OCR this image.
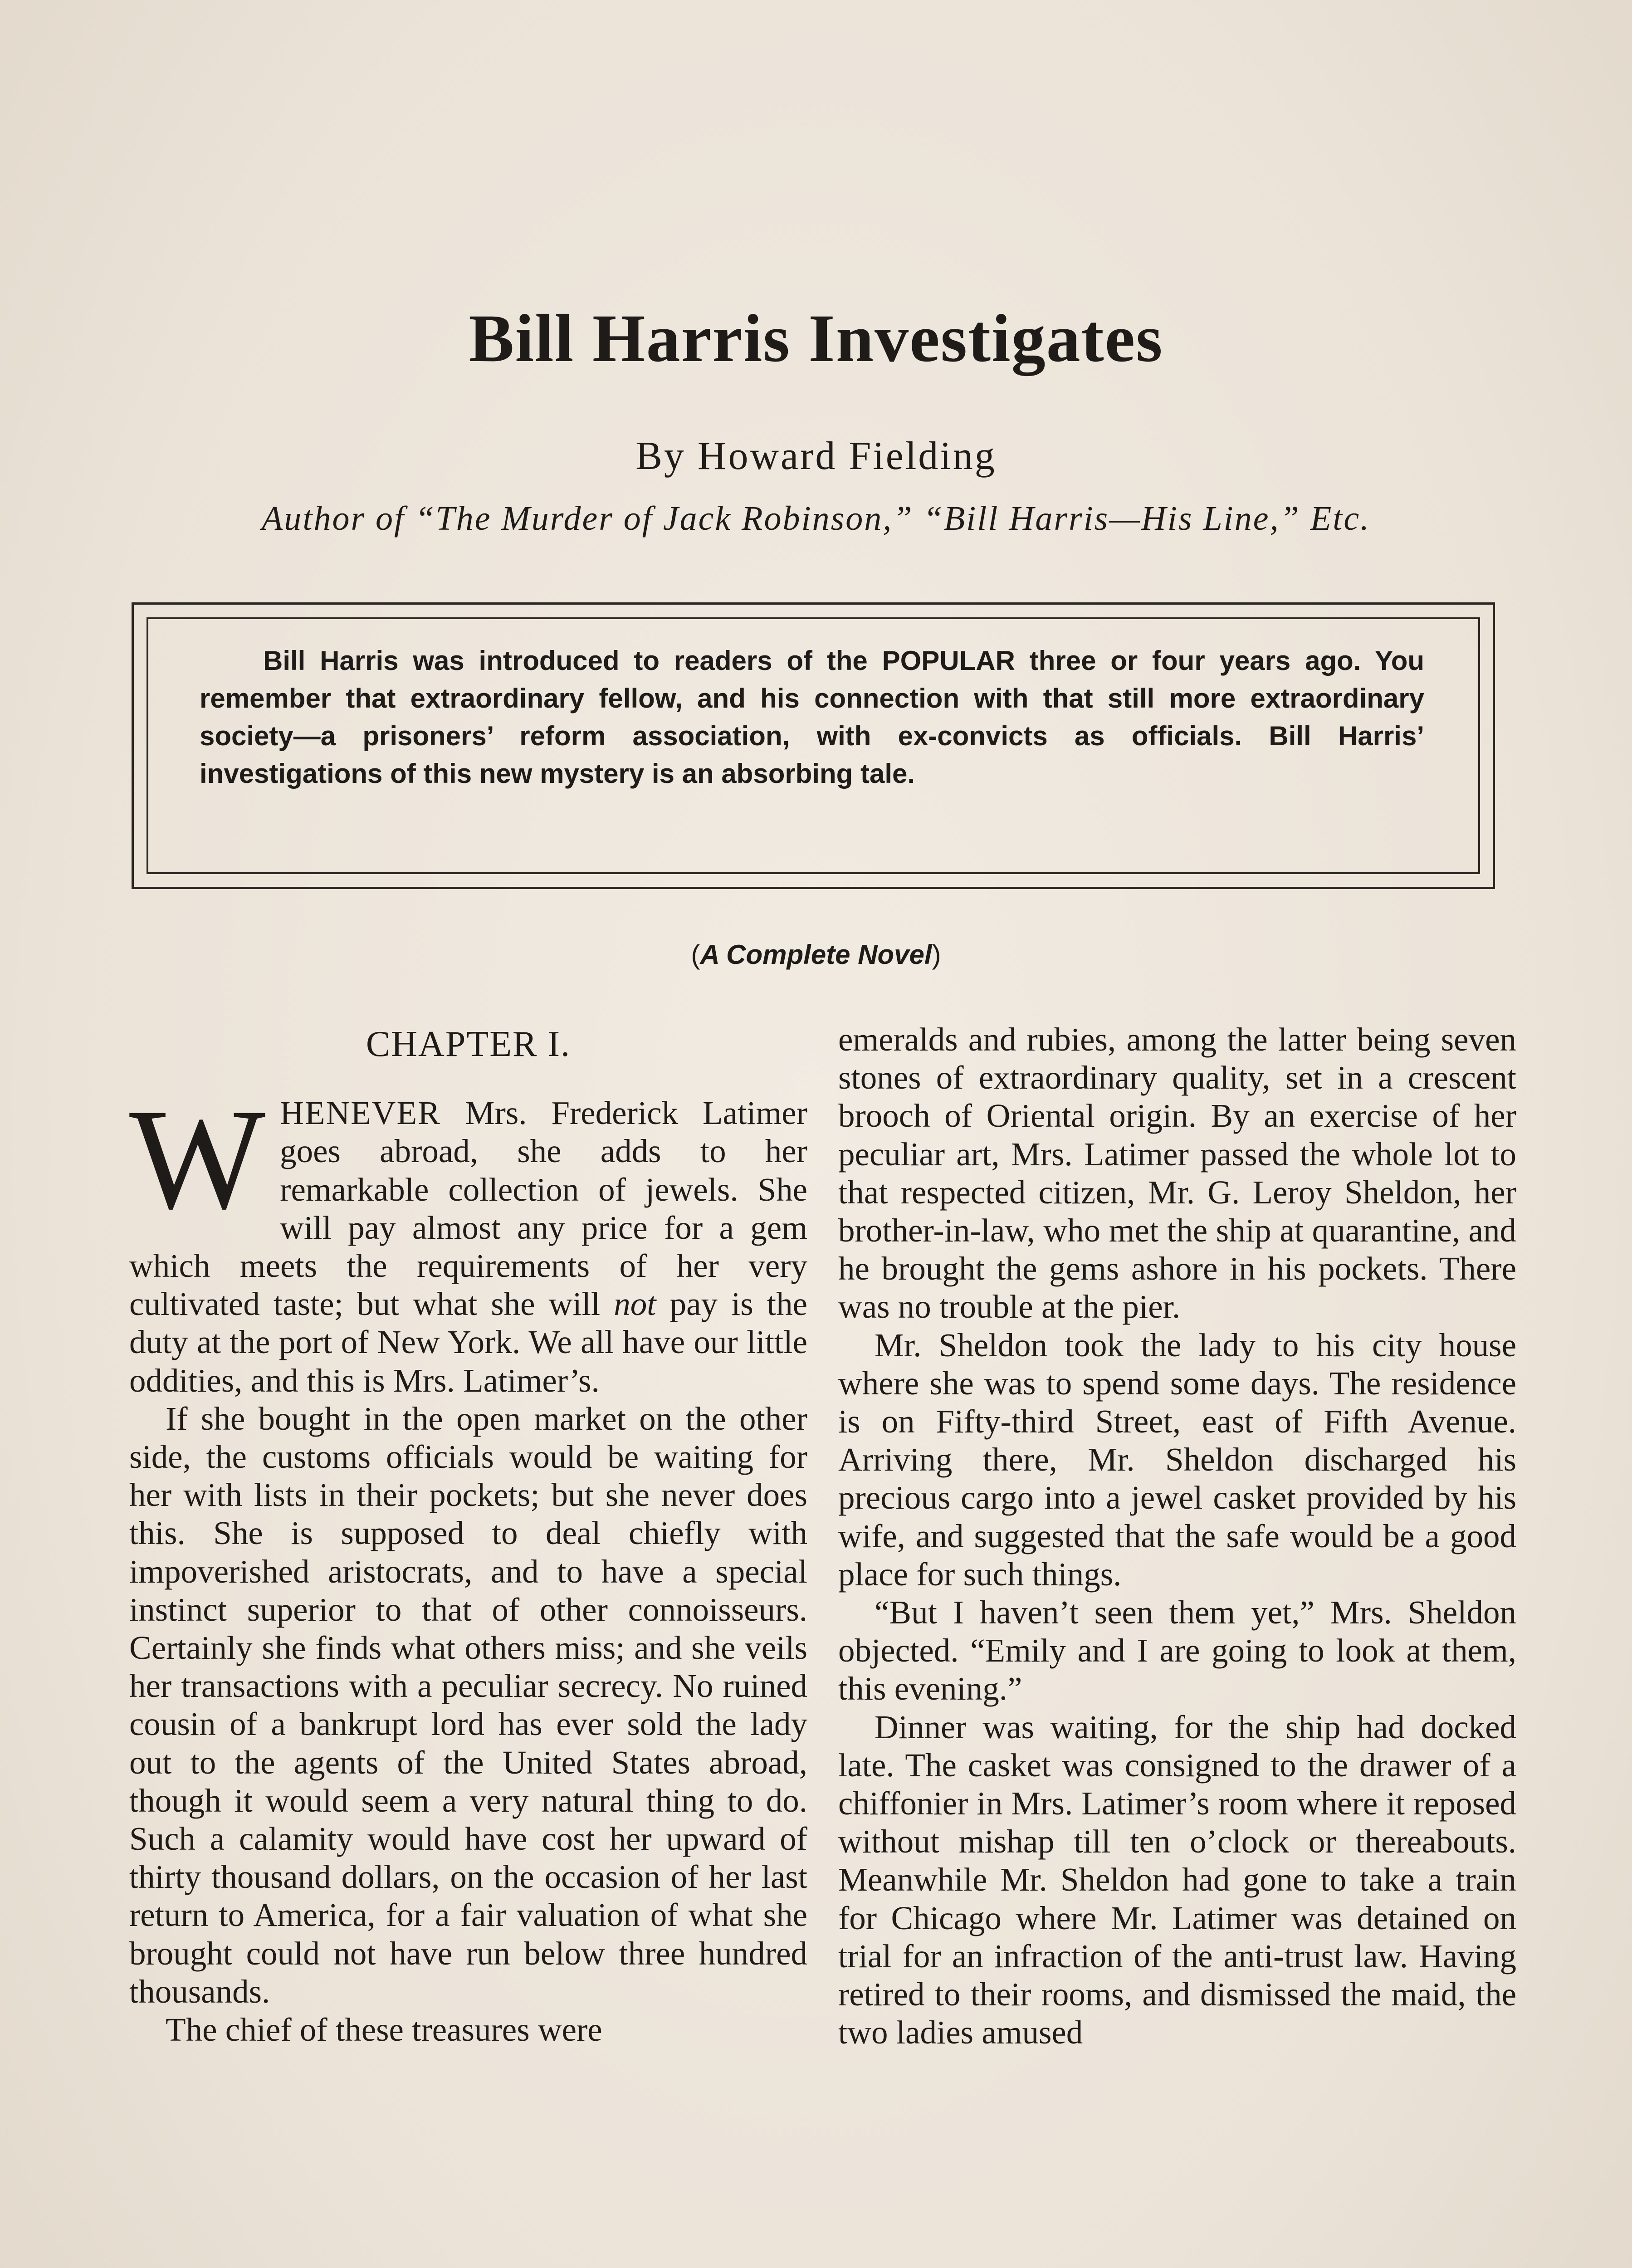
Bill Harris Investigates
By Howard Fielding
Author of “The Murder of Jack Robinson,” “Bill Harris—His Line,” Etc.
Bill Harris was introduced to readers of the POPULAR three or four years ago. You remember that extraordinary fellow, and his connection with that still more extraordinary society—a prisoners’ reform association, with ex-convicts as officials. Bill Harris’ investigations of this new mystery is an absorbing tale.
(A Complete Novel)
CHAPTER I.

WHENEVER Mrs. Frederick Latimer goes abroad, she adds to her remarkable collection of jewels. She will pay almost any price for a gem which meets the requirements of her very cultivated taste; but what she will not pay is the duty at the port of New York. We all have our little oddities, and this is Mrs. Latimer’s.

If she bought in the open market on the other side, the customs officials would be waiting for her with lists in their pockets; but she never does this. She is supposed to deal chiefly with impoverished aristocrats, and to have a special instinct superior to that of other connoisseurs. Certainly she finds what others miss; and she veils her transactions with a peculiar secrecy. No ruined cousin of a bankrupt lord has ever sold the lady out to the agents of the United States abroad, though it would seem a very natural thing to do. Such a calamity would have cost her upward of thirty thousand dollars, on the occasion of her last return to America, for a fair valuation of what she brought could not have run below three hundred thousands.

The chief of these treasures were

emeralds and rubies, among the latter being seven stones of extraordinary quality, set in a crescent brooch of Oriental origin. By an exercise of her peculiar art, Mrs. Latimer passed the whole lot to that respected citizen, Mr. G. Leroy Sheldon, her brother-in-law, who met the ship at quarantine, and he brought the gems ashore in his pockets. There was no trouble at the pier.

Mr. Sheldon took the lady to his city house where she was to spend some days. The residence is on Fifty-third Street, east of Fifth Avenue. Arriving there, Mr. Sheldon discharged his precious cargo into a jewel casket provided by his wife, and suggested that the safe would be a good place for such things.

“But I haven’t seen them yet,” Mrs. Sheldon objected. “Emily and I are going to look at them, this evening.”

Dinner was waiting, for the ship had docked late. The casket was consigned to the drawer of a chiffonier in Mrs. Latimer’s room where it reposed without mishap till ten o’clock or thereabouts. Meanwhile Mr. Sheldon had gone to take a train for Chicago where Mr. Latimer was detained on trial for an infraction of the anti-trust law. Having retired to their rooms, and dismissed the maid, the two ladies amused
